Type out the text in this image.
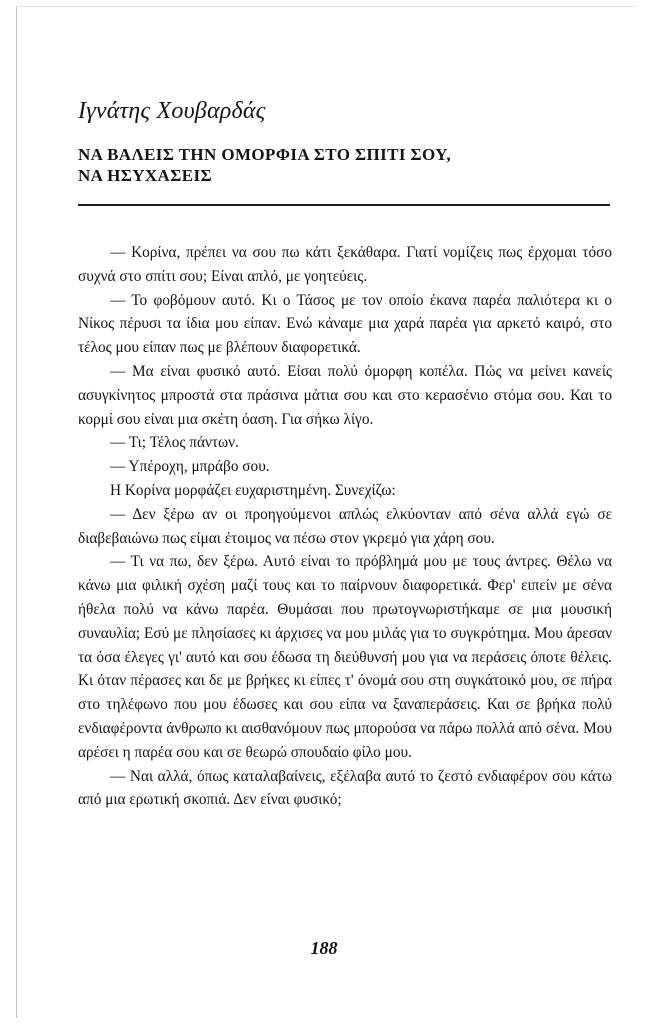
Ιγνάτης Χουβαρδάς
ΝΑ ΒΑΛΕΙΣ ΤΗΝ ΟΜΟΡΦΙΑ ΣΤΟ ΣΠΙΤΙ ΣΟΥ,
ΝΑ ΗΣΥΧΑΣΕΙΣ

— Κορίνα, πρέπει να σου πω κάτι ξεκάθαρα. Γιατί νομίζεις πως έρχομαι τόσο συχνά στο σπίτι σου; Είναι απλό, με γοητεύεις.

— Το φοβόμουν αυτό. Κι ο Τάσος με τον οποίο έκανα παρέα παλιότερα κι ο Νίκος πέρυσι τα ίδια μου είπαν. Ενώ κάναμε μια χαρά παρέα για αρκετό καιρό, στο τέλος μου είπαν πως με βλέπουν διαφορετικά.

— Μα είναι φυσικό αυτό. Είσαι πολύ όμορφη κοπέλα. Πώς να μείνει κανείς ασυγκίνητος μπροστά στα πράσινα μάτια σου και στο κερασένιο στόμα σου. Και το κορμί σου είναι μια σκέτη όαση. Για σήκω λίγο.

— Τι; Τέλος πάντων.

— Υπέροχη, μπράβο σου.

Η Κορίνα μορφάζει ευχαριστημένη. Συνεχίζω:

— Δεν ξέρω αν οι προηγούμενοι απλώς ελκύονταν από σένα αλλά εγώ σε διαβεβαιώνω πως είμαι έτοιμος να πέσω στον γκρεμό για χάρη σου.

— Τι να πω, δεν ξέρω. Αυτό είναι το πρόβλημά μου με τους άντρες. Θέλω να κάνω μια φιλική σχέση μαζί τους και το παίρνουν διαφορετικά. Φερ' ειπείν με σένα ήθελα πολύ να κάνω παρέα. Θυμάσαι που πρωτογνωριστήκαμε σε μια μουσική συναυλία; Εσύ με πλησίασες κι άρχισες να μου μιλάς για το συγκρότημα. Μου άρεσαν τα όσα έλεγες γι' αυτό και σου έδωσα τη διεύθυνσή μου για να περάσεις όποτε θέλεις. Κι όταν πέρασες και δε με βρήκες κι είπες τ' όνομά σου στη συγκάτοικό μου, σε πήρα στο τηλέφωνο που μου έδωσες και σου είπα να ξαναπεράσεις. Και σε βρήκα πολύ ενδιαφέροντα άνθρωπο κι αισθανόμουν πως μπορούσα να πάρω πολλά από σένα. Μου αρέσει η παρέα σου και σε θεωρώ σπουδαίο φίλο μου.

— Ναι αλλά, όπως καταλαβαίνεις, εξέλαβα αυτό το ζεστό ενδιαφέρον σου κάτω από μια ερωτική σκοπιά. Δεν είναι φυσικό;

188
